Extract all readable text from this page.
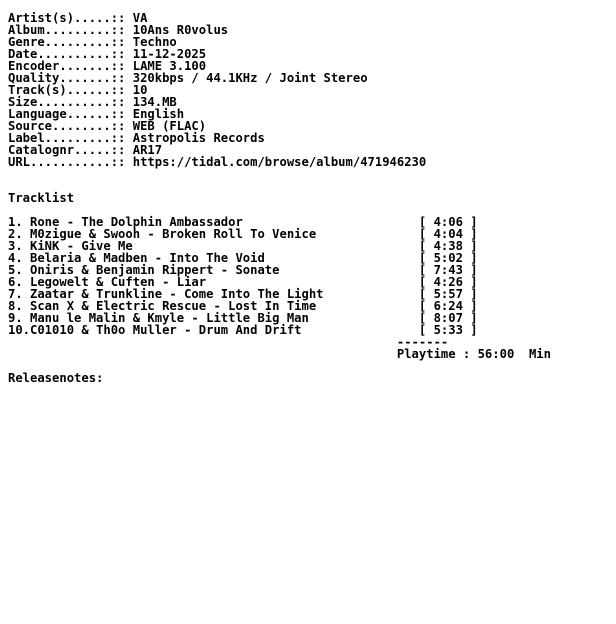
Artist(s).....:: VA
Album.........:: 10Ans R0volus
Genre.........:: Techno
Date..........:: 11-12-2025
Encoder.......:: LAME 3.100
Quality.......:: 320kbps / 44.1KHz / Joint Stereo
Track(s)......:: 10
Size..........:: 134.MB
Language......:: English
Source........:: WEB (FLAC)
Label.........:: Astropolis Records
Catalognr.....:: AR17
URL...........:: https://tidal.com/browse/album/471946230
Tracklist
1. Rone - The Dolphin Ambassador                        [ 4:06 ]
2. M0zigue & Swooh - Broken Roll To Venice              [ 4:04 ]
3. KiNK - Give Me                                       [ 4:38 ]
4. Belaria & Madben - Into The Void                     [ 5:02 ]
5. Oniris & Benjamin Rippert - Sonate                   [ 7:43 ]
6. Legowelt & Cuften - Liar                             [ 4:26 ]
7. Zaatar & Trunkline - Come Into The Light             [ 5:57 ]
8. Scan X & Electric Rescue - Lost In Time              [ 6:24 ]
9. Manu le Malin & Kmyle - Little Big Man               [ 8:07 ]
10.C01010 & Th0o Muller - Drum And Drift                [ 5:33 ]
-------
Playtime : 56:00  Min
Releasenotes:
